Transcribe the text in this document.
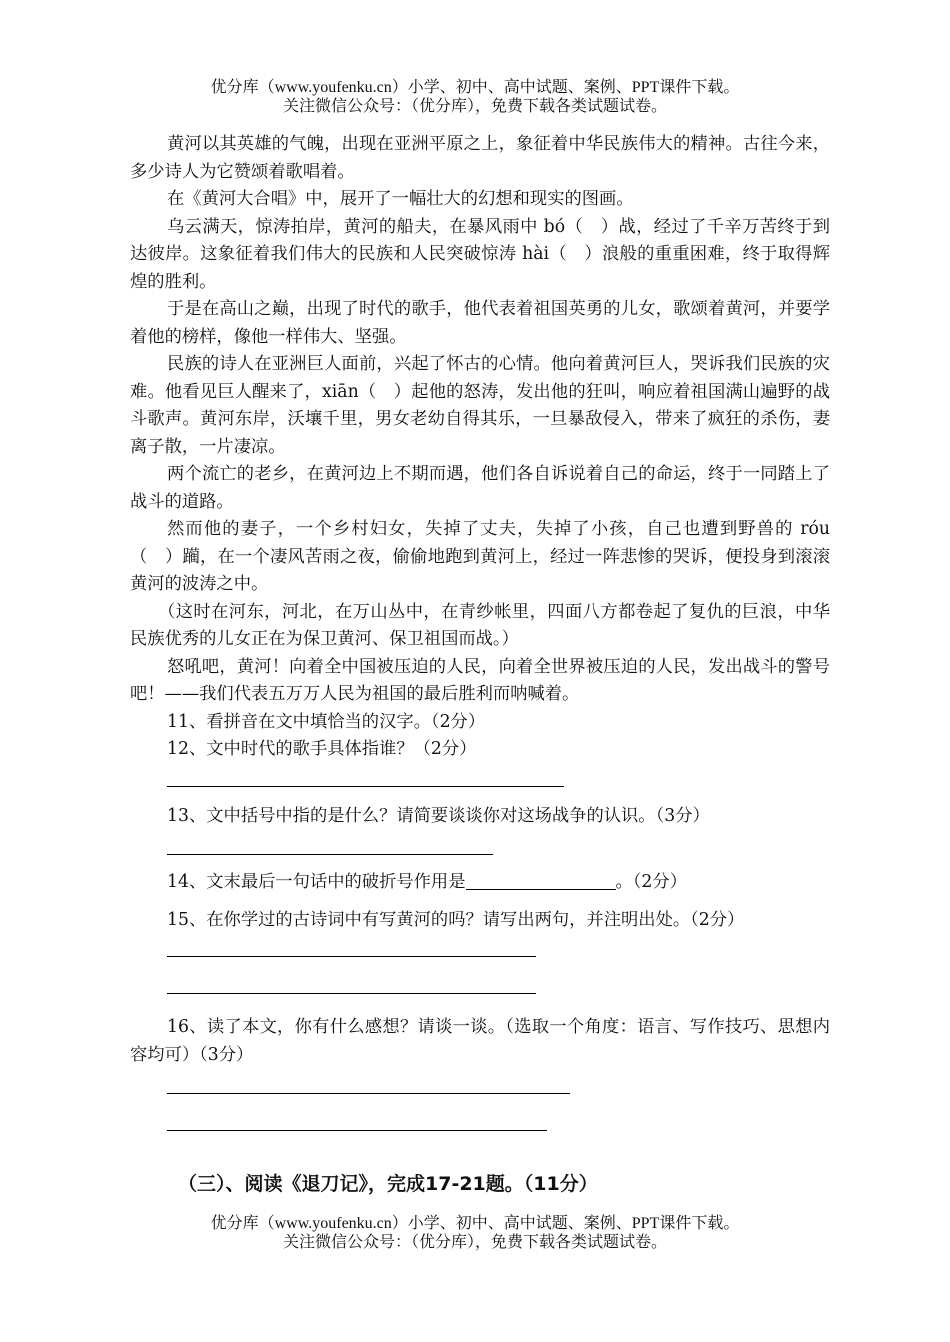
优分库（www.youfenku.cn）小学、初中、高中试题、案例、PPT课件下载。
关注微信公众号：（优分库），免费下载各类试题试卷。

黄河以其英雄的气魄，出现在亚洲平原之上，象征着中华民族伟大的精神。古往今来，多少诗人为它赞颂着歌唱着。

在《黄河大合唱》中，展开了一幅壮大的幻想和现实的图画。

乌云满天，惊涛拍岸，黄河的船夫，在暴风雨中 bó（　）战，经过了千辛万苦终于到达彼岸。这象征着我们伟大的民族和人民突破惊涛 hài（　）浪般的重重困难，终于取得辉煌的胜利。

于是在高山之巅，出现了时代的歌手，他代表着祖国英勇的儿女，歌颂着黄河，并要学着他的榜样，像他一样伟大、坚强。

民族的诗人在亚洲巨人面前，兴起了怀古的心情。他向着黄河巨人，哭诉我们民族的灾难。他看见巨人醒来了，xiān（　）起他的怒涛，发出他的狂叫，响应着祖国满山遍野的战斗歌声。黄河东岸，沃壤千里，男女老幼自得其乐，一旦暴敌侵入，带来了疯狂的杀伤，妻离子散，一片凄凉。

两个流亡的老乡，在黄河边上不期而遇，他们各自诉说着自己的命运，终于一同踏上了战斗的道路。

然而他的妻子，一个乡村妇女，失掉了丈夫，失掉了小孩，自己也遭到野兽的 róu（　）躏，在一个凄风苦雨之夜，偷偷地跑到黄河上，经过一阵悲惨的哭诉，便投身到滚滚黄河的波涛之中。

（这时在河东，河北，在万山丛中，在青纱帐里，四面八方都卷起了复仇的巨浪，中华民族优秀的儿女正在为保卫黄河、保卫祖国而战。）

怒吼吧，黄河！向着全中国被压迫的人民，向着全世界被压迫的人民，发出战斗的警号吧！——我们代表五万万人民为祖国的最后胜利而呐喊着。

11、看拼音在文中填恰当的汉字。（2分）
12、文中时代的歌手具体指谁？（2分）
13、文中括号中指的是什么？请简要谈谈你对这场战争的认识。（3分）
14、文末最后一句话中的破折号作用是	。（2分）
15、在你学过的古诗词中有写黄河的吗？请写出两句，并注明出处。（2分）

16、读了本文，你有什么感想？请谈一谈。（选取一个角度：语言、写作技巧、思想内容均可）（3分）

（三）、阅读《退刀记》，完成17-21题。（11分）
优分库（www.youfenku.cn）小学、初中、高中试题、案例、PPT课件下载。
关注微信公众号：（优分库），免费下载各类试题试卷。
